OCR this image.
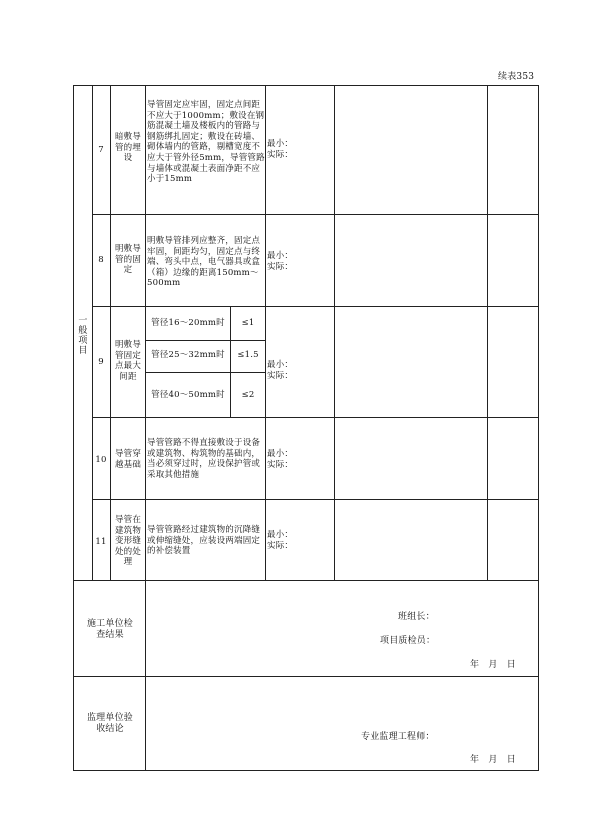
续表353
一般项目
7
暗敷导管的埋设
导管固定应牢固，固定点间距不应大于1000mm；敷设在钢筋混凝土墙及楼板内的管路与钢筋绑扎固定；敷设在砖墙、砌体墙内的管路，剔槽宽度不应大于管外径5mm，导管管路与墙体或混凝土表面净距不应小于15mm
最小：
实际：
8
明敷导管的固定
明敷导管排列应整齐，固定点牢固，间距均匀，固定点与终端、弯头中点，电气器具或盒（箱）边缘的距离150mm～500mm
最小：
实际：
9
明敷导管固定点最大间距
管径16～20mm时	≤1
管径25～32mm时	≤1.5
管径40～50mm时	≤2
最小：
实际：
10
导管穿越基础
导管管路不得直接敷设于设备或建筑物、构筑物的基础内，当必须穿过时，应设保护管或采取其他措施
最小：
实际：
11
导管在建筑物变形缝处的处理
导管管路经过建筑物的沉降缝或伸缩缝处，应装设两端固定的补偿装置
最小：
实际：
施工单位检查结果
班组长：
项目质检员：
年　月　日
监理单位验收结论
专业监理工程师：
年　月　日
